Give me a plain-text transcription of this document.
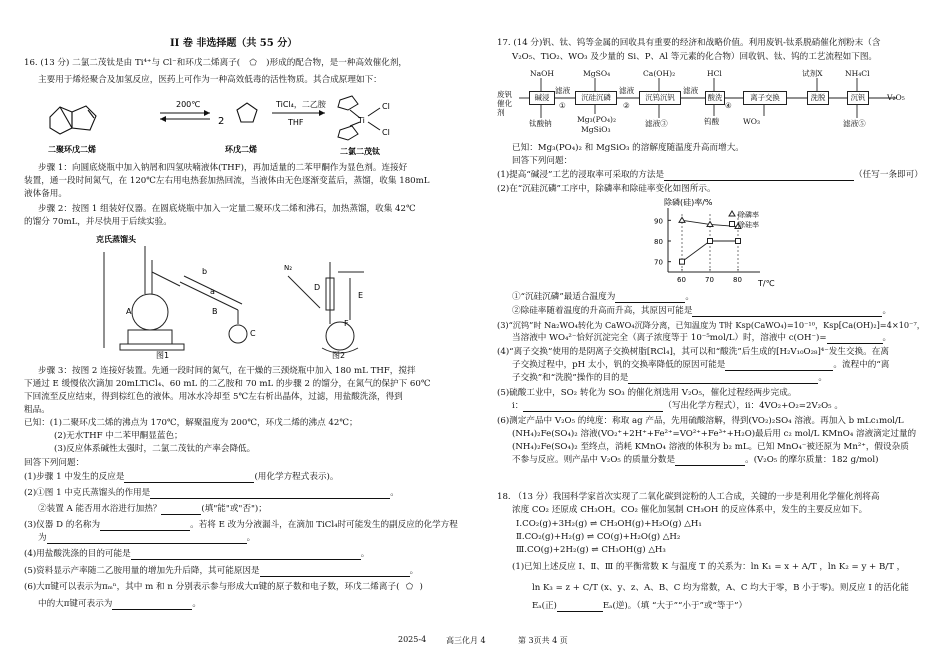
II 卷 非选择题（共 55 分）
16. (13 分) 二氯二茂钛是由 Ti⁴⁺与 Cl⁻和环戊二烯离子( ⬠ )形成的配合物，是一种高效催化剂，
主要用于烯烃聚合及加氢反应，医药上可作为一种高效低毒的活性物质。其合成原理如下：
二聚环戊二烯
200℃
2
环戊二烯
TiCl₄，二乙胺
THF	Ti
Cl
Cl
二氯二茂钛
步骤 1：向圆底烧瓶中加入钠屑和四氢呋喃液体(THF)，再加适量的二苯甲酮作为显色剂。连接好
装置，通一段时间氮气，在 120℃左右用电热套加热回流，当液体由无色逐渐变蓝后，蒸馏，收集 180mL
液体备用。
步骤 2：按图 1 组装好仪器。在圆底烧瓶中加入一定量二聚环戊二烯和沸石，加热蒸馏，收集 42℃
的馏分 70mL，并尽快用于后续实验。
克氏蒸馏头
A
b
a
B
C
图1
N₂
D
E
F
图2
步骤 3：按图 2 连接好装置。先通一段时间的氮气，在干燥的三颈烧瓶中加入 180 mL THF，搅拌
下通过 E 缓慢依次滴加 20mLTiCl₄、60 mL 的二乙胺和 70 mL 的步骤 2 的馏分，在氮气的保护下 60℃
下回流至反应结束，得到棕红色的液体。用冰水冷却至 5℃左右析出晶体，过滤，用盐酸洗涤，得到
粗品。
已知：(1)二聚环戊二烯的沸点为 170℃，解聚温度为 200℃，环戊二烯的沸点 42℃；
(2)无水THF 中二苯甲酮显蓝色；
(3)反应体系碱性太强时，二氯二茂钛的产率会降低。
回答下列问题：
(1)步骤 1 中发生的反应是	(用化学方程式表示)。
(2)①图 1 中克氏蒸馏头的作用是	。
②装置 A 能否用水浴进行加热？	(填"能"或"否")；
(3)仪器 D 的名称为	。若将 E 改为分液漏斗，在滴加 TiCl₄时可能发生的副反应的化学方程
为	。
(4)用盐酸洗涤的目的可能是	。
(5)资料显示产率随二乙胺用量的增加先升后降，其可能原因是	。
(6)大π键可以表示为πₘⁿ，其中 m 和 n 分别表示参与形成大π键的原子数和电子数，环戊二烯离子( ⬠ )
中的大π键可表示为	。
17. (14 分)钒、钛、钨等金属的回收具有重要的经济和战略价值。利用废钒-钛系脱硝催化剂粉末（含
V₂O₅、TiO₂、WO₃ 及少量的 Si、P、Al 等元素的化合物）回收钒、钛、钨的工艺流程如下图。
废钒催化剂
NaOH	MgSO₄	Ca(OH)₂	HCl	试剂X	NH₄Cl
碱浸	沉硅沉磷	沉钨沉钒	酸洗	离子交换	洗脱	沉钒
滤液
①
滤液
②
滤液
④
V₂O₅
钛酸钠	Mg₃(PO₄)₂
MgSiO₃
滤液③	钨酸	WO₃	滤液⑤
已知：Mg₃(PO₄)₂ 和 MgSiO₃ 的溶解度随温度升高而增大。
回答下列问题：
(1)提高“碱浸”工艺的浸取率可采取的方法是	（任写一条即可）
(2)在“沉硅沉磷”工序中，除磷率和除硅率变化如图所示。
除磷(硅)率/%
70
80
90
60	70	80
除磷率
除硅率
T/℃
①“沉硅沉磷”最适合温度为	。
②除硅率随着温度的升高而升高，其原因可能是	。
(3)“沉钨”时 Na₂WO₄转化为 CaWO₄沉降分离，已知温度为 T时 Ksp(CaWO₄)=10⁻¹⁰，Ksp[Ca(OH)₂]=4×10⁻⁷，
当溶液中 WO₄²⁻恰好沉淀完全（离子浓度等于 10⁻⁵mol/L）时，溶液中 c(OH⁻)=	。
(4)“离子交换”使用的是阴离子交换树脂[RCl₄]，其可以和“酸洗”后生成的[H₂V₁₀O₂₈]⁴⁻发生交换。在离
子交换过程中，pH 太小，钒的交换率降低的原因可能是	。流程中的“离
子交换”和“洗脱”操作的目的是	。
(5)硫酸工业中，SO₂ 转化为 SO₃ 的催化剂选用 V₂O₅，催化过程经两步完成。
ⅰ：	（写出化学方程式），ⅱ：4VO₂+O₂=2V₂O₅ 。
(6)测定产品中 V₂O₅ 的纯度：称取 ag 产品，先用硫酸溶解，得到(VO₂)₂SO₄ 溶液。再加入 b mLc₁mol/L
(NH₄)₂Fe(SO₄)₂ 溶液(VO₂⁺+2H⁺+Fe²⁺=VO²⁺+Fe³⁺+H₂O)最后用 c₂ mol/L KMnO₄ 溶液滴定过量的
(NH₄)₂Fe(SO₄)₂ 至终点，消耗 KMnO₄ 溶液的体积为 b₂ mL。已知 MnO₄⁻被还原为 Mn²⁺，假设杂质
不参与反应。则产品中 V₂O₅ 的质量分数是	。(V₂O₅ 的摩尔质量：182 g/mol)
18. （13 分）我国科学家首次实现了二氧化碳到淀粉的人工合成，关键的一步是利用化学催化剂将高
浓度 CO₂ 还原成 CH₃OH。CO₂ 催化加氢制 CH₃OH 的反应体系中，发生的主要反应如下。
Ⅰ.CO₂(g)+3H₂(g) ⇌ CH₃OH(g)+H₂O(g) △H₁
Ⅱ.CO₂(g)+H₂(g) ⇌ CO(g)+H₂O(g) △H₂
Ⅲ.CO(g)+2H₂(g) ⇌ CH₃OH(g) △H₃
(1)已知上述反应 Ⅰ、Ⅱ、Ⅲ 的平衡常数 K 与温度 T 的关系为：ln K₁ = x + A/T ，ln K₂ = y + B/T ，
ln K₃ = z + C/T (x、y、z、A、B、C 均为常数，A、C 均大于零，B 小于零)。则反应 Ⅰ 的活化能
Eₐ(正)	Eₐ(逆)。（填 “大于”“小于”或“等于”）
2025-4 高三化月 4	第 3页共 4 页
